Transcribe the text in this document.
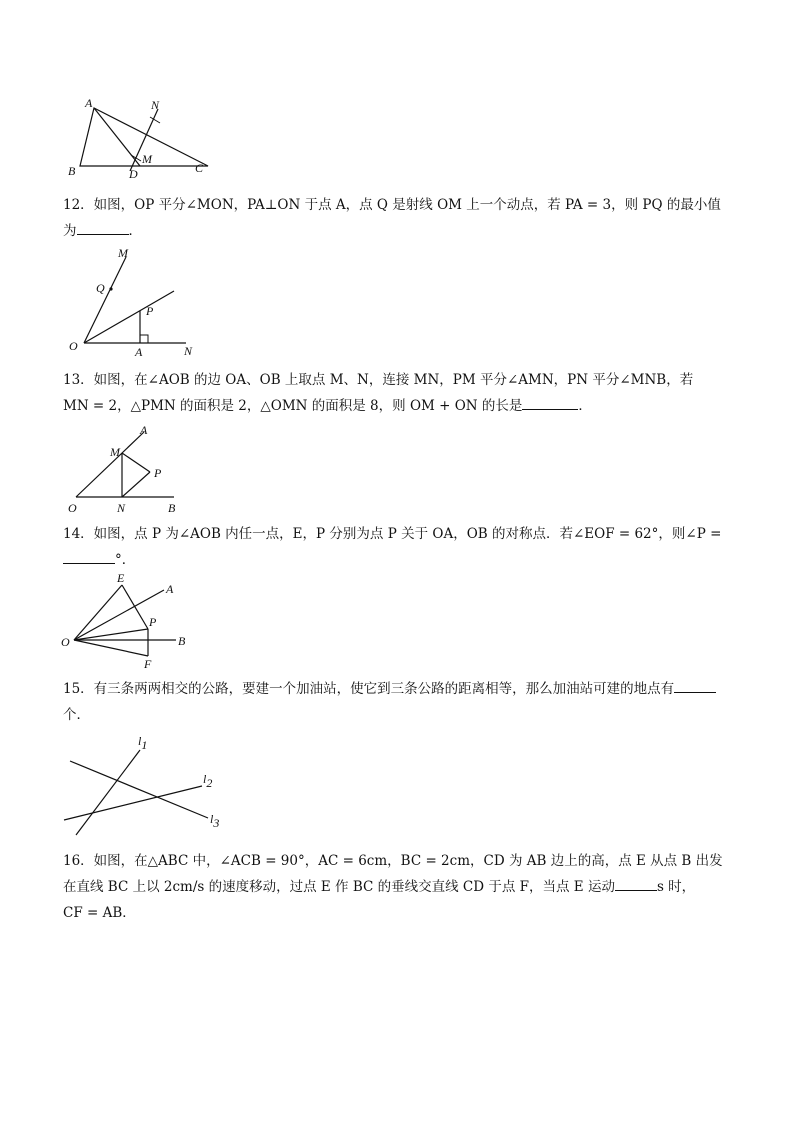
A
B	C
D
N
M

12．如图，OP 平分∠MON，PA⊥ON 于点 A，点 Q 是射线 OM 上一个动点，若 PA = 3，则 PQ 的最小值
为	．

M
Q
P
O	A	N

13．如图，在∠AOB 的边 OA、OB 上取点 M、N，连接 MN，PM 平分∠AMN，PN 平分∠MNB，若
MN = 2，△PMN 的面积是 2，△OMN 的面积是 8，则 OM + ON 的长是	．

A
M
P
O	N	B

14．如图，点 P 为∠AOB 内任一点，E，P 分别为点 P 关于 OA，OB 的对称点．若∠EOF = 62°，则∠P =
°．

E
A
O
P
B
F

15．有三条两两相交的公路，要建一个加油站，使它到三条公路的距离相等，那么加油站可建的地点有
个．

l1
l2
l3

16．如图，在△ABC 中，∠ACB = 90°，AC = 6cm，BC = 2cm，CD 为 AB 边上的高，点 E 从点 B 出发
在直线 BC 上以 2cm/s 的速度移动，过点 E 作 BC 的垂线交直线 CD 于点 F，当点 E 运动	s 时，
CF = AB．
